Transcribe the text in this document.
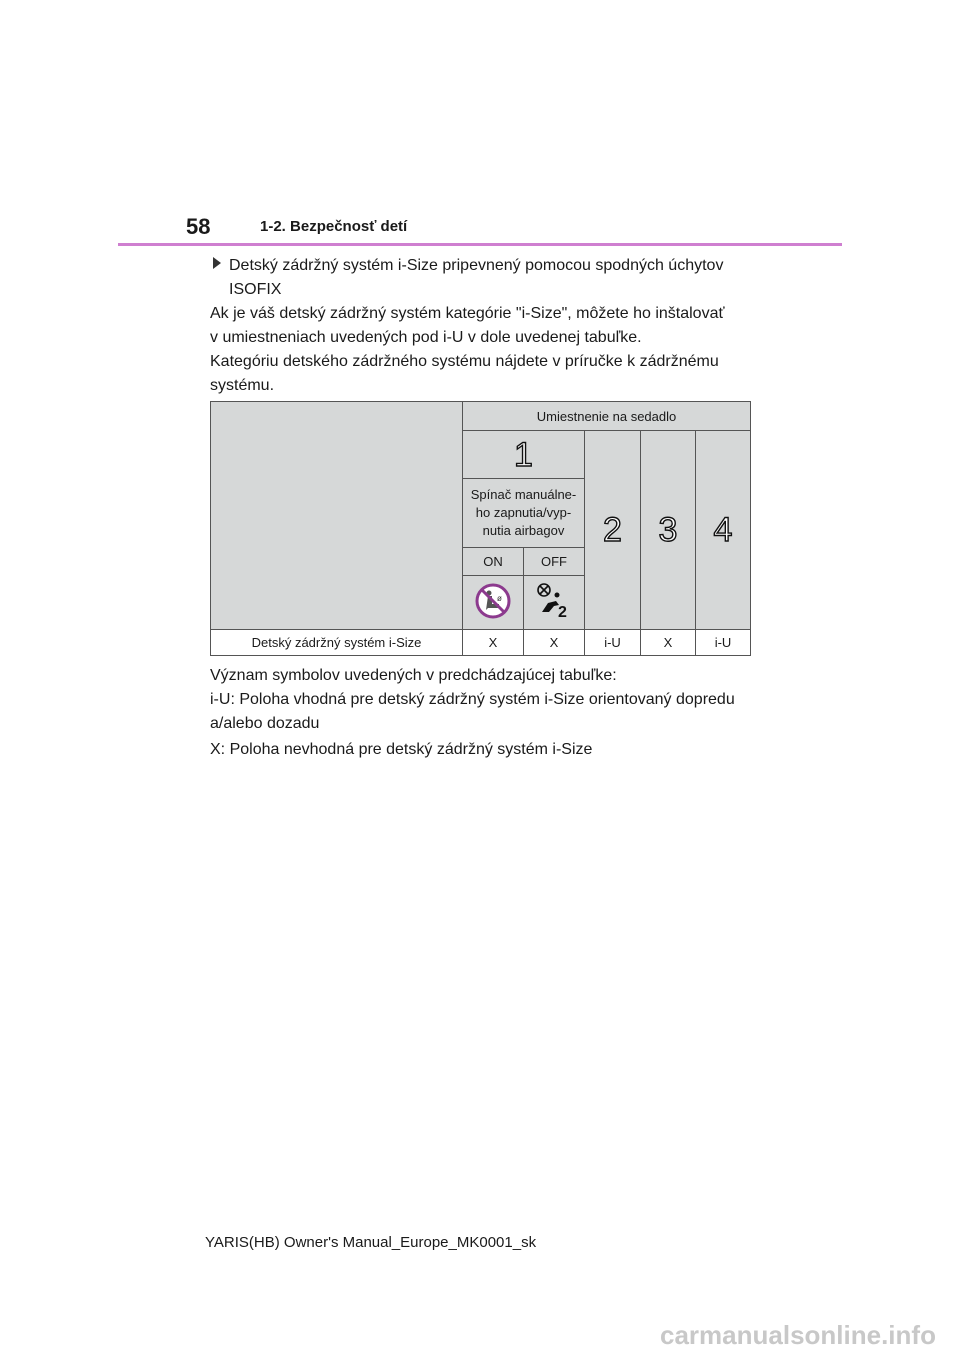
58	1-2. Bezpečnosť detí
Detský zádržný systém i-Size pripevnený pomocou spodných úchytov
ISOFIX

Ak je váš detský zádržný systém kategórie "i-Size", môžete ho inštalovať
v umiestneniach uvedených pod i-U v dole uvedenej tabuľke.

Kategóriu detského zádržného systému nájdete v príručke k zádržnému
systému.

	Umiestnenie na sedadlo				
	1		2	3	4
	Spínač manuálne-
ho zapnutia/vyp-
nutia airbagov				
	ON	OFF			

ø	2			

Detský zádržný systém i-Size	X	X	i-U	X	i-U

Význam symbolov uvedených v predchádzajúcej tabuľke:

i-U: Poloha vhodná pre detský zádržný systém i-Size orientovaný dopredu
a/alebo dozadu

X: Poloha nevhodná pre detský zádržný systém i-Size

YARIS(HB) Owner's Manual_Europe_MK0001_sk
carmanualsonline.info
